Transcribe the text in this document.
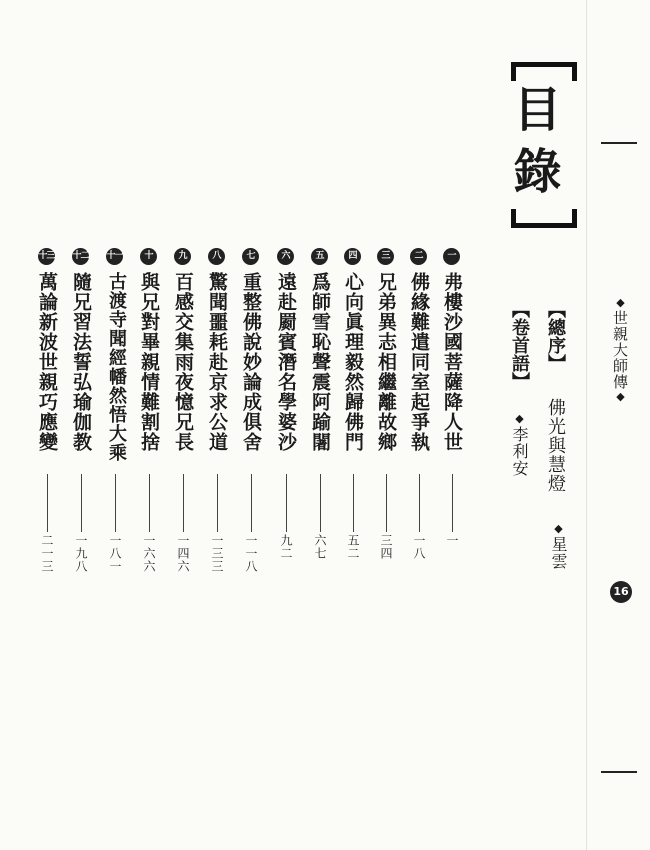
目錄
【總序】
佛光與慧燈
◆星雲
【卷首語】
◆李利安
一
弗樓沙國菩薩降人世
一
二
佛緣難遣同室起爭執
一八
三
兄弟異志相繼離故鄉
三四
四
心向眞理毅然歸佛門
五二
五
爲師雪恥聲震阿踰闍
六七
六
遠赴罽賓潛名學婆沙
九二
七
重整佛說妙論成俱舍
一一八
八
驚聞噩耗赴京求公道
一三三
九
百感交集雨夜憶兄長
一四六
十
與兄對畢親情難割捨
一六六
十一
古渡寺聞經幡然悟大乘
一八一
十二
隨兄習法誓弘瑜伽教
一九八
十三
萬論新波世親巧應變
二一三
◆世親大師傳◆
16
